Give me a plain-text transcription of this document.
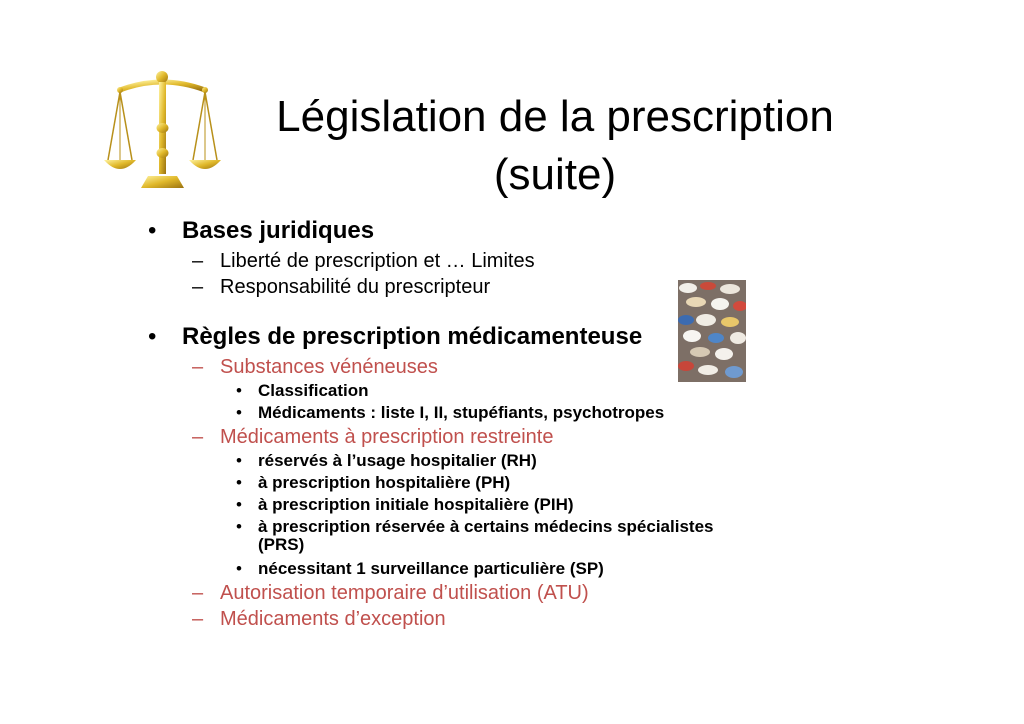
Législation de la prescription
(suite)
• Bases juridiques
– Liberté de prescription et … Limites
– Responsabilité du prescripteur
• Règles de prescription médicamenteuse
– Substances vénéneuses
• Classification
• Médicaments : liste I, II, stupéfiants, psychotropes
– Médicaments à prescription restreinte
• réservés à l’usage hospitalier (RH)
• à prescription hospitalière (PH)
• à prescription initiale hospitalière (PIH)
• à prescription réservée à certains médecins spécialistes
(PRS)
• nécessitant 1 surveillance particulière (SP)
– Autorisation temporaire d’utilisation (ATU)
– Médicaments d’exception
